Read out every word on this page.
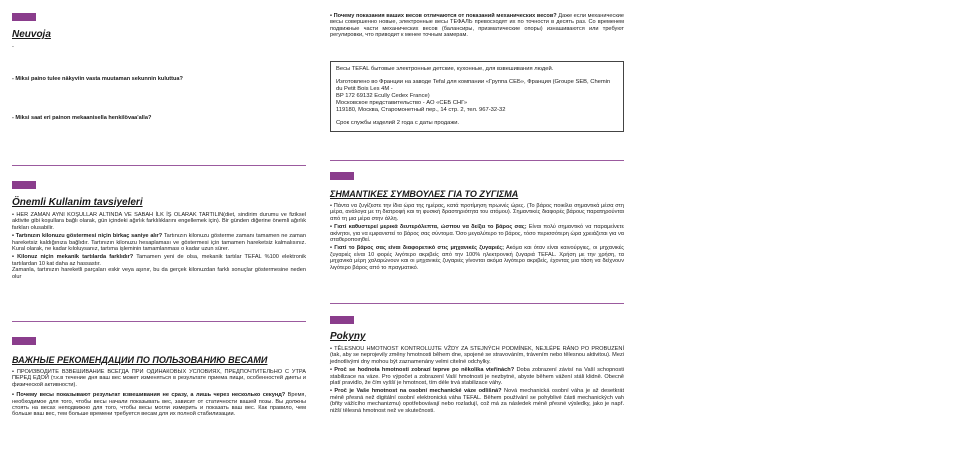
Neuvoja

-

- Miksi paino tulee näkyviin vasta muutaman sekunnin kuluttua?

- Miksi saat eri painon mekaanisella henkilövaa'alla?

Önemli Kullanim tavsiyeleri

• HER ZAMAN AYNI KOŞULLAR ALTINDA VE SABAH İLK İŞ OLARAK TARTILIN(diet, sindirim durumu ve fiziksel aktivite gibi koşullara bağlı olarak, gün içindeki ağırlık farklılıklarını engellemek için). Bir günden diğerine önemli ağırlık farkları olusabilir.

• Tartınızın kilonuzu göstermesi niçin birkaç saniye alır? Tartınızın kilonuzu gösterme zamanı tamamen ne zaman hareketsiz kaldığınıza bağlıdır. Tartınızın kilonuzu hesaplaması ve göstermesi için tamamen hareketsiz kalmalısınız. Kural olarak, ne kadar kıloluysanız, tartıma işleminin tamamlanması o kadar uzun sürer.

• Kilonuz niçin mekanik tartılarda farklıdır? Tamamen yeni de olsa, mekanik tartılar TEFAL %100 elektronik tartılardan 10 kat daha az hassastır.

Zamanla, tartınızın hareketli parçaları eskir veya aşınır, bu da gerçek kilonuzdan farklı sonuçlar göstermesine neden olur

ВАЖНЫЕ РЕКОМЕНДАЦИИ ПО ПОЛЬЗОВАНИЮ ВЕСАМИ

• ПРОИЗВОДИТЕ ВЗВЕШИВАНИЕ ВСЕГДА ПРИ ОДИНАКОВЫХ УСЛОВИЯХ, ПРЕДПОЧТИТЕЛЬНО С УТРА ПЕРЕД ЕДОЙ (т.к.в течение дня ваш вес может изменяться в результате приема пищи, особенностей диеты и физической активности).

• Почему весы показывают результат взвешивания не сразу, а лишь через несколько секунд? Время, необходимое для того, чтобы весы начали показывать вес, зависит от статичности вашей позы. Вы должны стоять на весах неподвижно для того, чтобы весы могли измерить и показать ваш вес. Как правило, чем больше ваш вес, тем больше времени требуется весам для их полной стабилизации.

• Почему показания ваших весов отличаются от показаний механических весов? Даже если механические весы совершенно новые, электронные весы ТЕФАЛЬ превосходят их по точности в десять раз. Со временем подвижные части механических весов (балансиры, призматические опоры) изнашиваются или требуют регулировки, что приводит к менее точным замерам.

Весы TEFAL бытовые электронные детские, кухонные, для взвешивания людей.

Изготовлено во Франции на заводе Tefal для компании «Группа СЕБ», Франция (Groupe SEB, Chemin du Petit Bois Les 4M -

BP 172 69132 Ecully Cedex France)

Московское представительство - АО «СЕБ СНГ»

119180, Москва, Старомонетный пер., 14 стр. 2, тел. 967-32-32

Срок службы изделий 2 года с даты продажи.

ΣΗΜΑΝΤΙΚΕΣ ΣΥΜΒΟΥΛΕΣ ΓΙΑ ΤΟ ΖΥΓΙΣΜΑ

• Πάντα να ζυγίζεστε την ίδια ώρα της ημέρας, κατά προτίμηση πρωινές ώρες. (Το βάρος ποικίλει σημαντικά μέσα στη μέρα, ανάλογα με τη διατροφή και τη φυσική δραστηριότητα του ατόμου). Σημαντικές διαφορές βάρους παρατηρούνται από τη μια μέρα στην άλλη.

• Γιατί καθυστερεί μερικά δευτερόλεπτα, ώσπου να δείξει το βάρος σας; Είναι πολύ σημαντικό να παραμείνετε ακίνητοι, για να εμφανιστεί το βάρος σας σύντομα. Όσο μεγαλύτερο το βάρος, τόσο περισσότερη ώρα χρειάζεται για να σταθεροποιηθεί.

• Γιατί το βάρος σας είναι διαφορετικό στις μηχανικές ζυγαριές; Ακόμα και όταν είναι καινούργιες, οι μηχανικές ζυγαριές είναι 10 φορές λιγότερο ακριβείς από την 100% ηλεκτρονική ζυγαριά TEFAL. Χρήση με την χρήση, τα μηχανικά μέρη χαλαρώνουν και οι μηχανικές ζυγαριές γίνονται ακόμα λιγότερο ακριβείς, έχοντας μια τάση να δείχνουν λιγότερο βάρος από το πραγματικό.

Pokyny

• TĚLESNOU HMOTNOST KONTROLUJTE VŽDY ZA STEJNÝCH PODMÍNEK, NEJLÉPE RÁNO PO PROBUZENÍ (tak, aby se neprojevily změny hmotnosti během dne, spojené se stravováním, trávením nebo tělesnou aktivitou). Mezi jednotlivými dny mohou být zaznamenány velmi citelné odchylky.

• Proč se hodnota hmotnosti zobrazí teprve po několika vteřinách? Doba zobrazení závisí na Vaší schopnosti stabilizace na váze. Pro výpočet a zobrazení Vaší hmotnosti je nezbytné, abyste během vážení stáli klidně. Obecně platí pravidlo, že čím vyšší je hmotnost, tím déle trvá stabilizace váhy.

• Proč je Vaše hmotnost na osobní mechanické váze odlišná? Nová mechanická osobní váha je až desetkrát méně přesná než digitální osobní elektronická váha TEFAL. Během používání se pohyblivé části mechanických vah (břity vážícího mechanizmu) opotřebovávají nebo rozladují, což má za následek méně přesné výsledky, jako je např. nižší tělesná hmotnost než ve skutečnosti.
